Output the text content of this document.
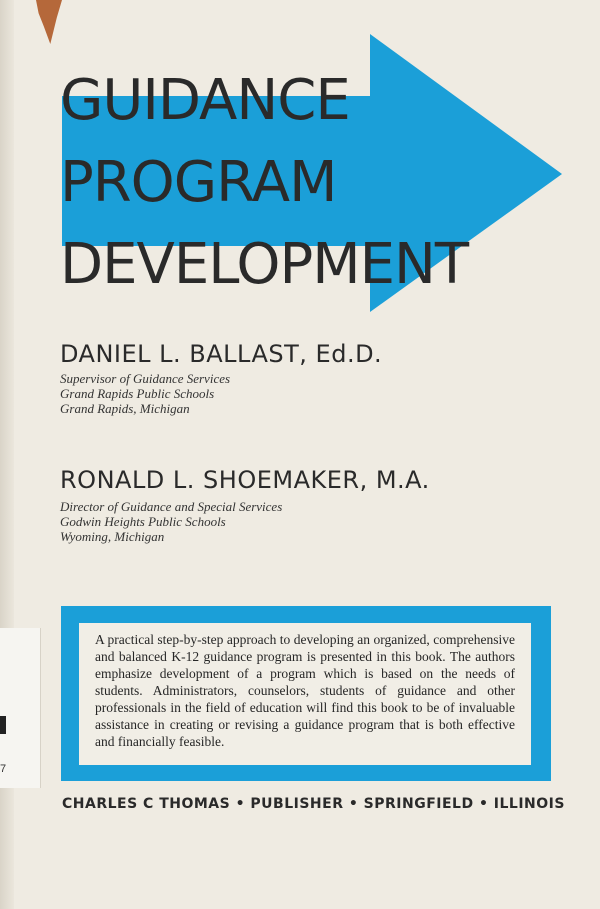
GUIDANCE
PROGRAM
DEVELOPMENT
DANIEL L. BALLAST, Ed.D.

Supervisor of Guidance Services
Grand Rapids Public Schools
Grand Rapids, Michigan

RONALD L. SHOEMAKER, M.A.

Director of Guidance and Special Services
Godwin Heights Public Schools
Wyoming, Michigan

A practical step-by-step approach to developing an organized, comprehensive and balanced K-12 guidance program is presented in this book. The authors emphasize development of a program which is based on the needs of students. Administrators, counselors, students of guidance and other professionals in the field of education will find this book to be of invaluable assistance in creating or revising a guidance program that is both effective and financially feasible.

CHARLES C THOMAS • PUBLISHER • SPRINGFIELD • ILLINOIS

7
